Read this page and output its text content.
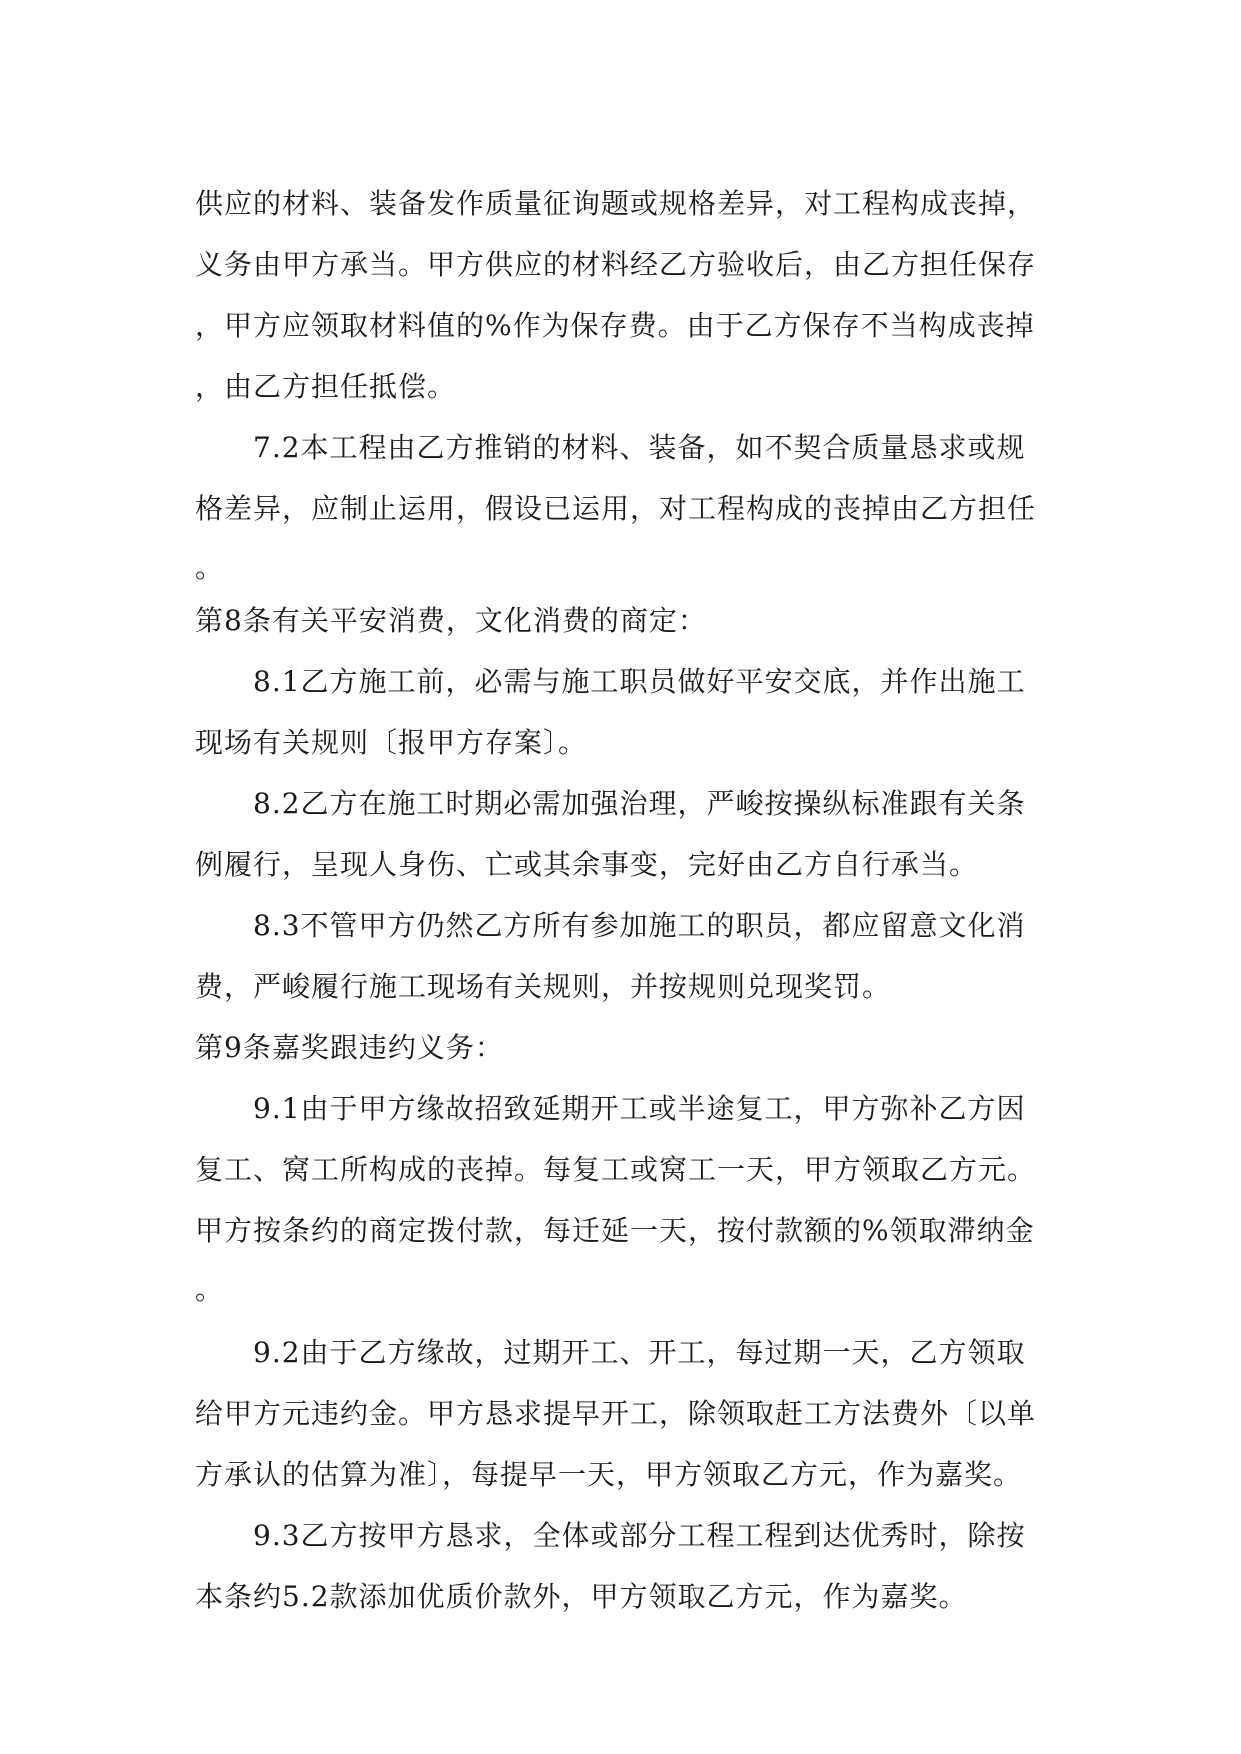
供应的材料、装备发作质量征询题或规格差异，对工程构成丧掉，
义务由甲方承当。甲方供应的材料经乙方验收后，由乙方担任保存
，甲方应领取材料值的%作为保存费。由于乙方保存不当构成丧掉
，由乙方担任抵偿。
7.2本工程由乙方推销的材料、装备，如不契合质量恳求或规
格差异，应制止运用，假设已运用，对工程构成的丧掉由乙方担任
。
第8条有关平安消费，文化消费的商定：
8.1乙方施工前，必需与施工职员做好平安交底，并作出施工
现场有关规则〔报甲方存案〕。
8.2乙方在施工时期必需加强治理，严峻按操纵标准跟有关条
例履行，呈现人身伤、亡或其余事变，完好由乙方自行承当。
8.3不管甲方仍然乙方所有参加施工的职员，都应留意文化消
费，严峻履行施工现场有关规则，并按规则兑现奖罚。
第9条嘉奖跟违约义务：
9.1由于甲方缘故招致延期开工或半途复工，甲方弥补乙方因
复工、窝工所构成的丧掉。每复工或窝工一天，甲方领取乙方元。
甲方按条约的商定拨付款，每迁延一天，按付款额的%领取滞纳金
。
9.2由于乙方缘故，过期开工、开工，每过期一天，乙方领取
给甲方元违约金。甲方恳求提早开工，除领取赶工方法费外〔以单
方承认的估算为准〕，每提早一天，甲方领取乙方元，作为嘉奖。
9.3乙方按甲方恳求，全体或部分工程工程到达优秀时，除按
本条约5.2款添加优质价款外，甲方领取乙方元，作为嘉奖。
